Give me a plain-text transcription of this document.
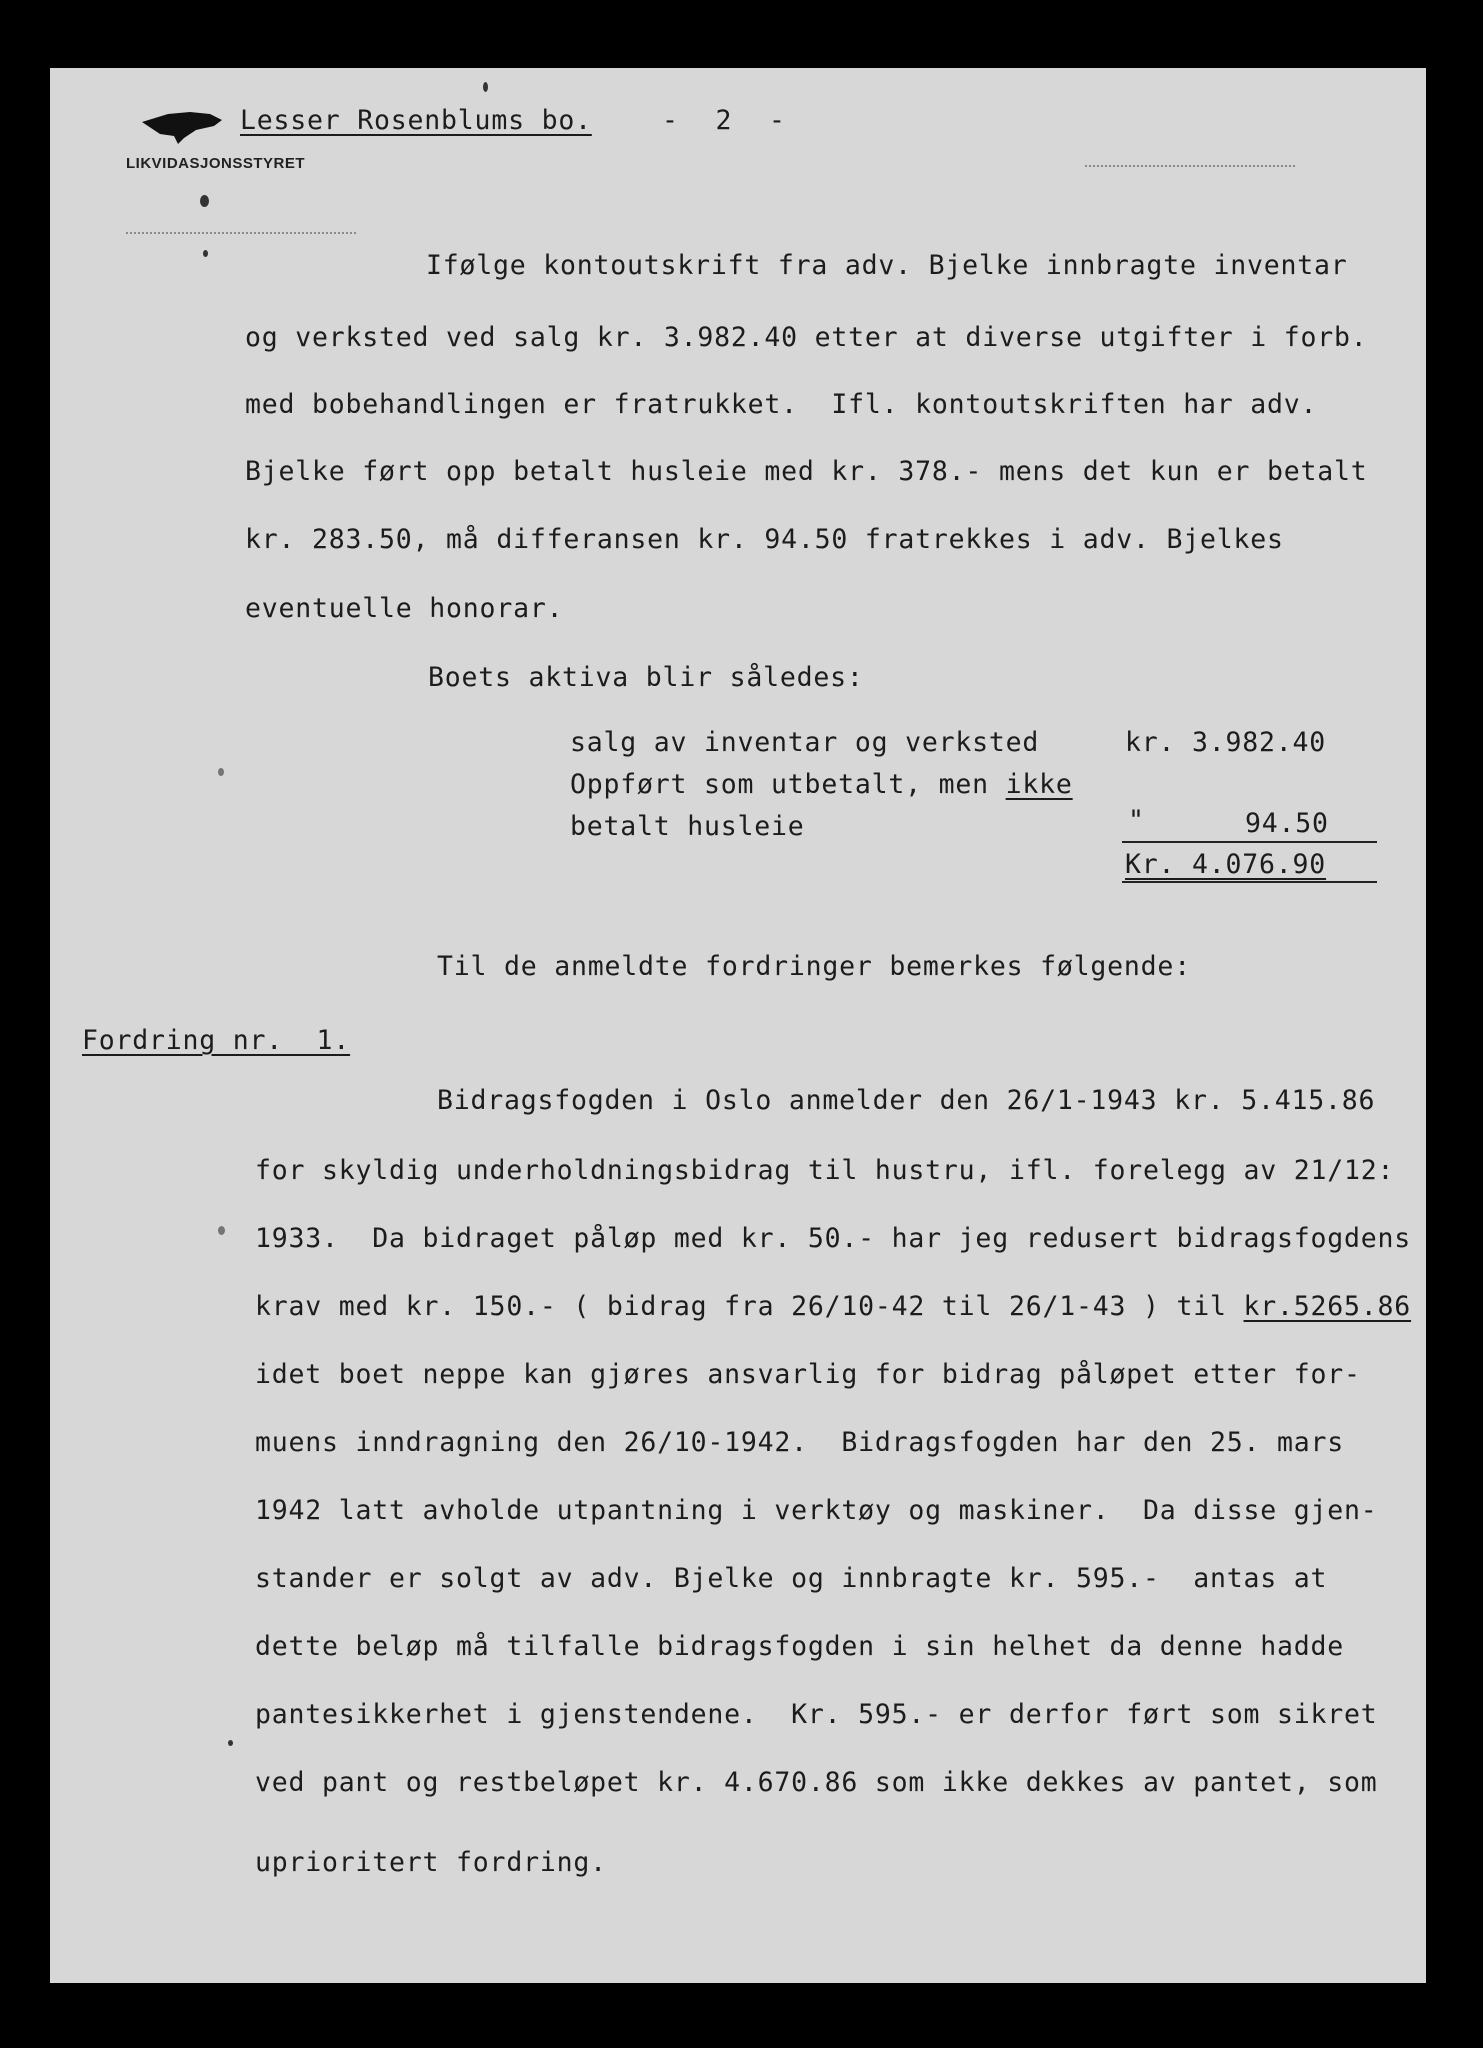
LIKVIDASJONSSTYRET
Lesser Rosenblums bo.	- 2 -
Ifølge kontoutskrift fra adv. Bjelke innbragte inventar
og verksted ved salg kr. 3.982.40 etter at diverse utgifter i forb.
med bobehandlingen er fratrukket.  Ifl. kontoutskriften har adv.
Bjelke ført opp betalt husleie med kr. 378.- mens det kun er betalt
kr. 283.50, må differansen kr. 94.50 fratrekkes i adv. Bjelkes
eventuelle honorar.
Boets aktiva blir således:
salg av inventar og verksted	kr. 3.982.40
Oppført som utbetalt, men ikke
betalt husleie	"	94.50
Kr. 4.076.90
Til de anmeldte fordringer bemerkes følgende:
Fordring nr.  1.
Bidragsfogden i Oslo anmelder den 26/1-1943 kr. 5.415.86
for skyldig underholdningsbidrag til hustru, ifl. forelegg av 21/12:
1933.  Da bidraget påløp med kr. 50.- har jeg redusert bidragsfogdens
krav med kr. 150.- ( bidrag fra 26/10-42 til 26/1-43 ) til kr.5265.86
idet boet neppe kan gjøres ansvarlig for bidrag påløpet etter for-
muens inndragning den 26/10-1942.  Bidragsfogden har den 25. mars
1942 latt avholde utpantning i verktøy og maskiner.  Da disse gjen-
stander er solgt av adv. Bjelke og innbragte kr. 595.-  antas at
dette beløp må tilfalle bidragsfogden i sin helhet da denne hadde
pantesikkerhet i gjenstendene.  Kr. 595.- er derfor ført som sikret
ved pant og restbeløpet kr. 4.670.86 som ikke dekkes av pantet, som
uprioritert fordring.
